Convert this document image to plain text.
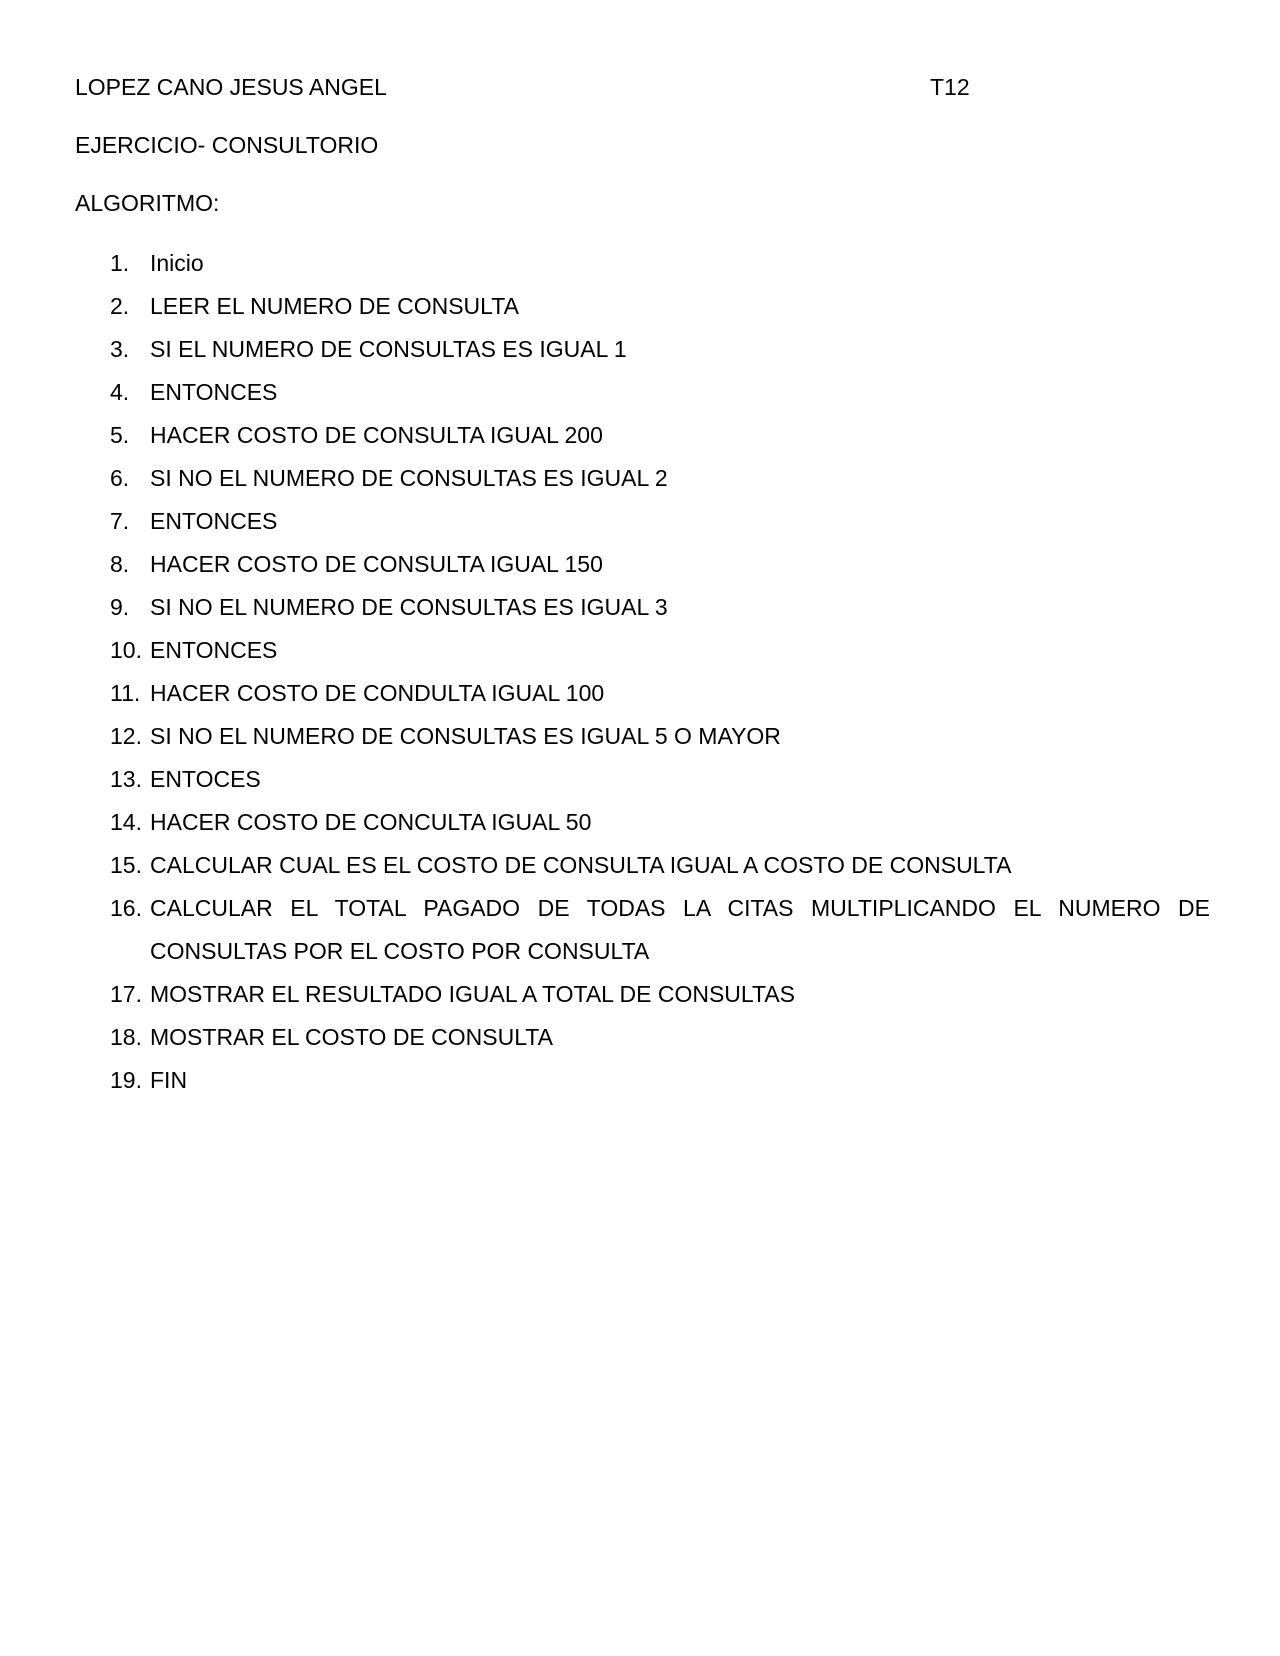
LOPEZ CANO JESUS ANGEL	T12
EJERCICIO- CONSULTORIO
ALGORITMO:
1. Inicio
2. LEER EL NUMERO DE CONSULTA
3. SI EL NUMERO DE CONSULTAS ES IGUAL 1
4. ENTONCES
5. HACER COSTO DE CONSULTA IGUAL 200
6. SI NO EL NUMERO DE CONSULTAS ES IGUAL 2
7. ENTONCES
8. HACER COSTO DE CONSULTA IGUAL 150
9. SI NO EL NUMERO DE CONSULTAS ES IGUAL 3
10. ENTONCES
11. HACER COSTO DE CONDULTA IGUAL 100
12. SI NO EL NUMERO DE CONSULTAS ES IGUAL 5 O MAYOR
13. ENTOCES
14. HACER COSTO DE CONCULTA IGUAL 50
15. CALCULAR CUAL ES EL COSTO DE CONSULTA IGUAL A COSTO DE CONSULTA
16. CALCULAR EL TOTAL PAGADO DE TODAS LA CITAS MULTIPLICANDO EL NUMERO DE CONSULTAS POR EL COSTO POR CONSULTA
17. MOSTRAR EL RESULTADO IGUAL A TOTAL DE CONSULTAS
18. MOSTRAR EL COSTO DE CONSULTA
19. FIN
